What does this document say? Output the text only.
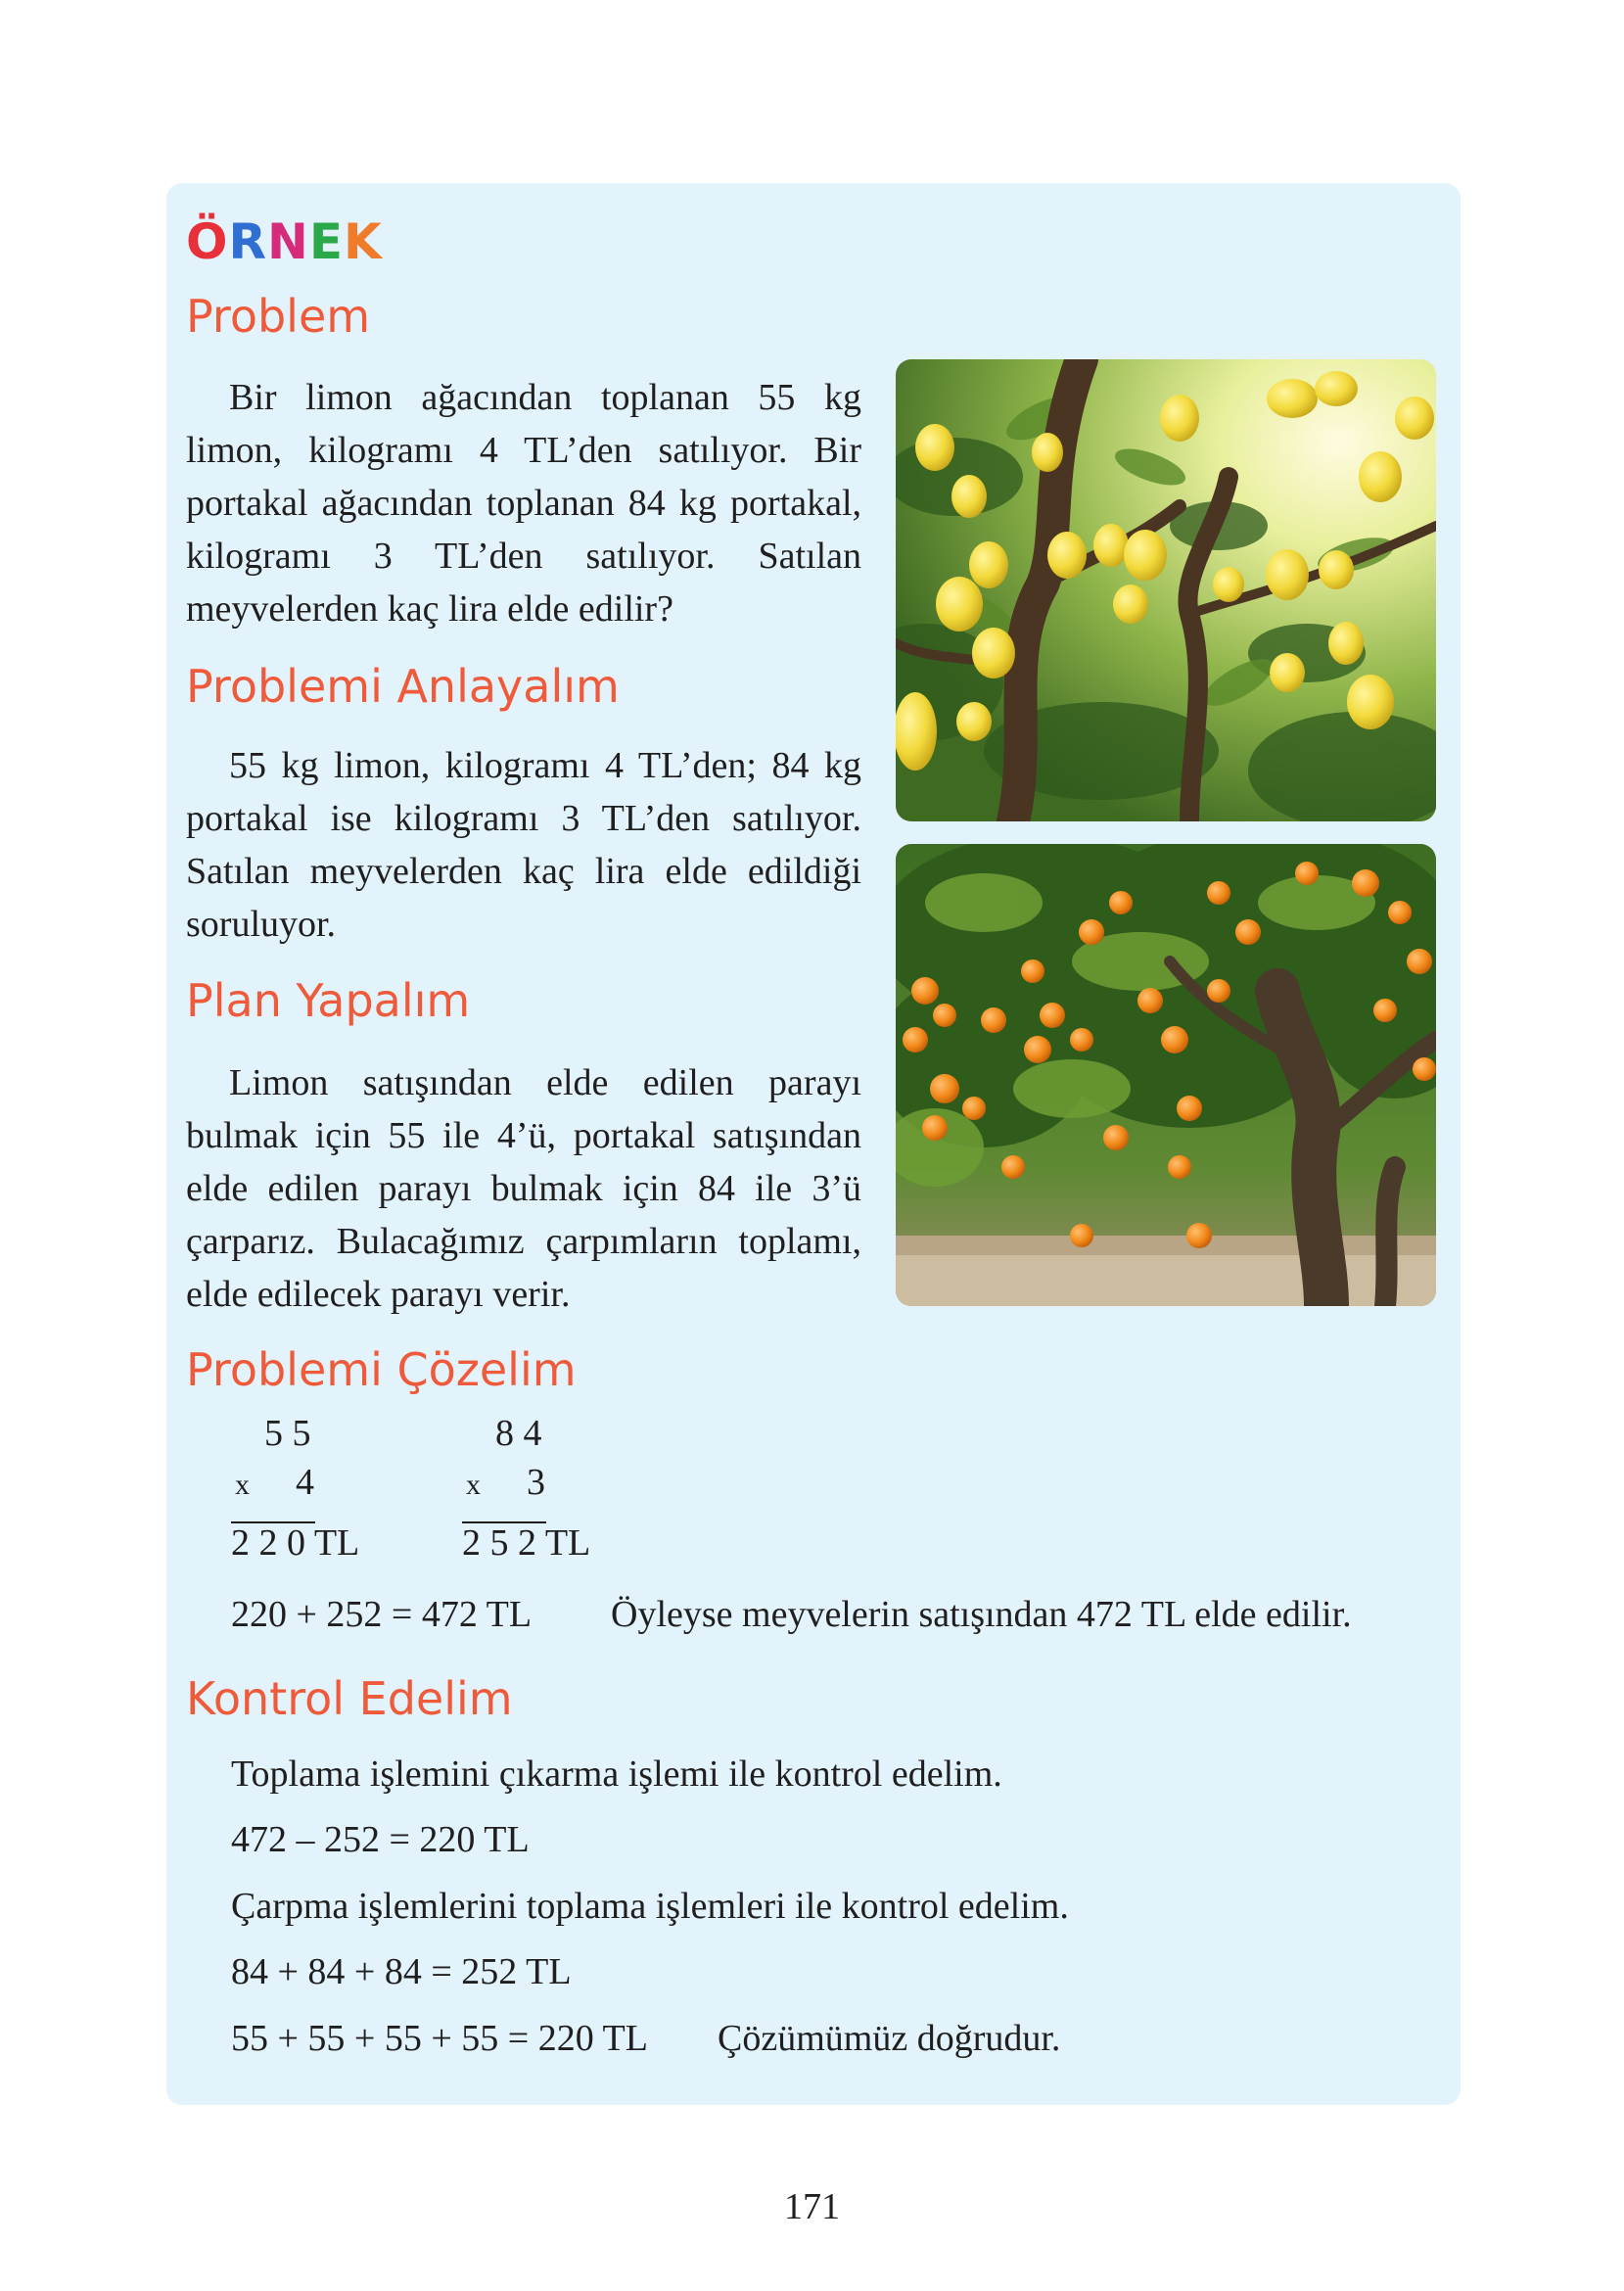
ÖRNEK
Problem

Bir limon ağacından toplanan 55 kg limon, kilogramı 4 TL’den satılıyor. Bir portakal ağacından toplanan 84 kg portakal, kilogramı 3 TL’den satılıyor. Satılan meyvelerden kaç lira elde edilir?

Problemi Anlayalım

55 kg limon, kilogramı 4 TL’den; 84 kg portakal ise kilogramı 3 TL’den satılıyor. Satılan meyvelerden kaç lira elde edildiği soruluyor.

Plan Yapalım

Limon satışından elde edilen parayı bulmak için 55 ile 4’ü, portakal satışından elde edilen parayı bulmak için 84 ile 3’ü çarparız. Bulacağımız çarpımların toplamı, elde edilecek parayı verir.

Problemi Çözelim
5 5
x 4
2 2 0 TL
8 4
x 3
2 5 2 TL

220 + 252 = 472 TL Öyleyse meyvelerin satışından 472 TL elde edilir.

Kontrol Edelim

Toplama işlemini çıkarma işlemi ile kontrol edelim.

472 – 252 = 220 TL

Çarpma işlemlerini toplama işlemleri ile kontrol edelim.

84 + 84 + 84 = 252 TL

55 + 55 + 55 + 55 = 220 TL Çözümümüz doğrudur.

171
